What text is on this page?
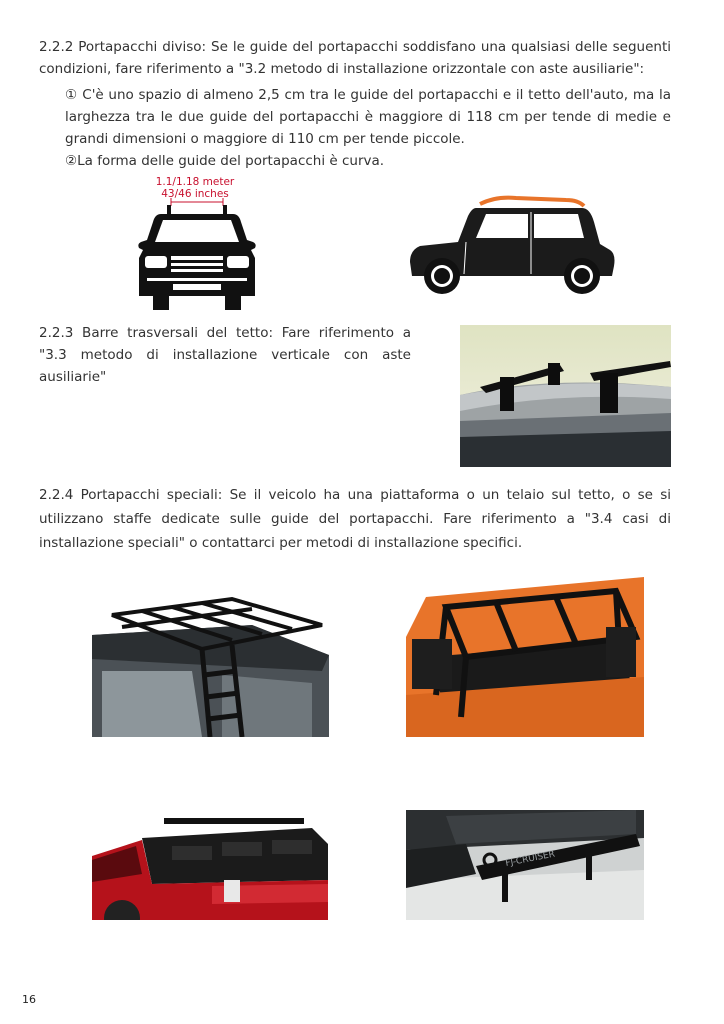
2.2.2 Portapacchi diviso: Se le guide del portapacchi soddisfano una qualsiasi delle seguenti condizioni, fare riferimento a "3.2 metodo di installazione orizzontale con aste ausiliarie":

① C'è uno spazio di almeno 2,5 cm tra le guide del portapacchi e il tetto dell'auto, ma la larghezza tra le due guide del portapacchi è maggiore di 118 cm per tende di medie e grandi dimensioni o maggiore di 110 cm per tende piccole.

②La forma delle guide del portapacchi è curva.

1.1/1.18 meter
43/46 inches

2.2.3 Barre trasversali del tetto: Fare riferimento a "3.3 metodo di installazione verticale con aste ausiliarie"

2.2.4 Portapacchi speciali: Se il veicolo ha una piattaforma o un telaio sul tetto, o se si utilizzano staffe dedicate sulle guide del portapacchi. Fare riferimento a "3.4 casi di installazione speciali" o contattarci per metodi di installazione specifici.

FJ-CRUISER
16
